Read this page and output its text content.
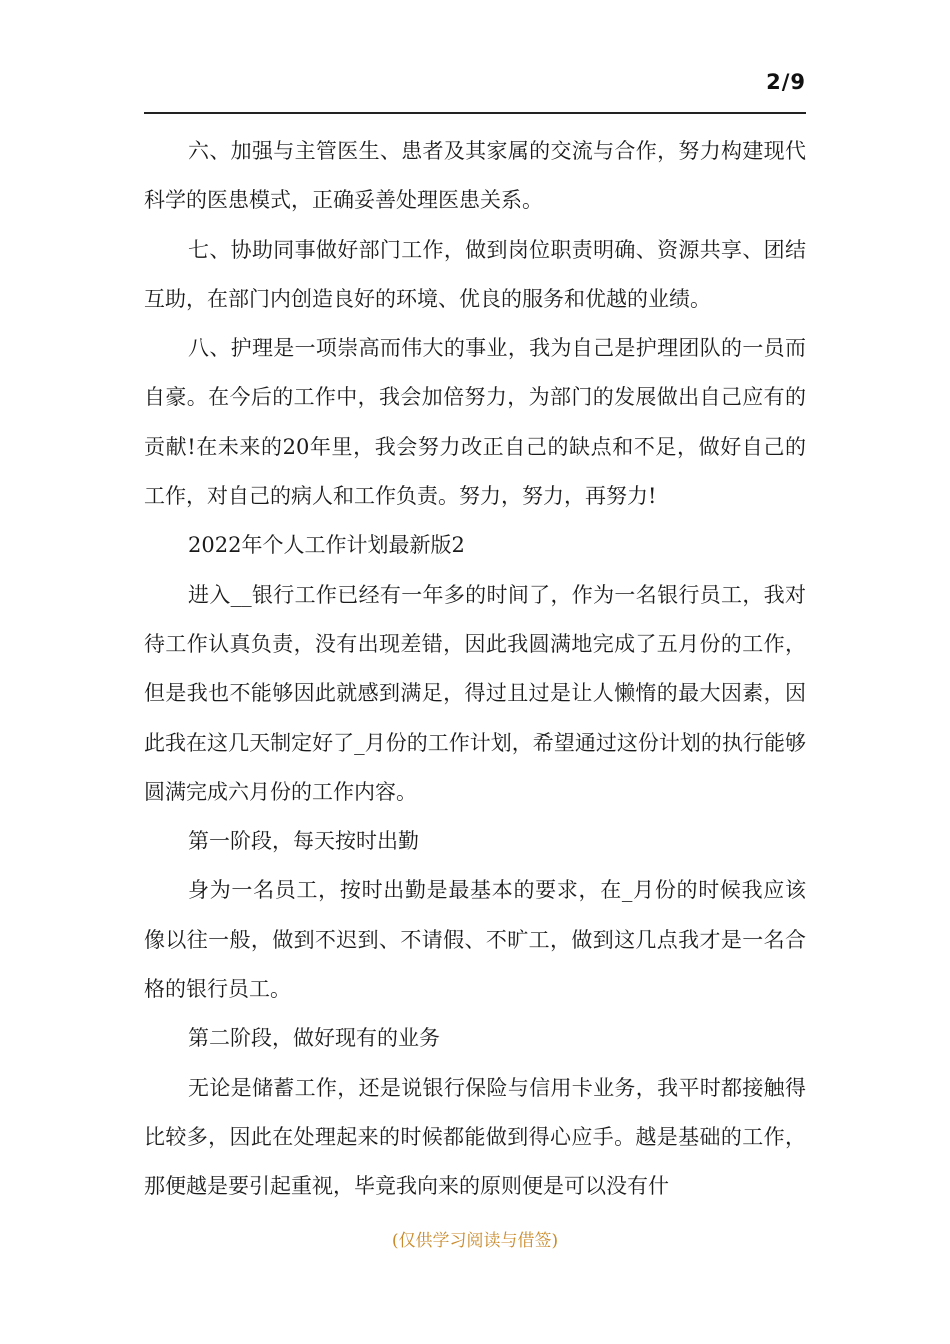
2/9

六、加强与主管医生、患者及其家属的交流与合作，努力构建现代科学的医患模式，正确妥善处理医患关系。

七、协助同事做好部门工作，做到岗位职责明确、资源共享、团结互助，在部门内创造良好的环境、优良的服务和优越的业绩。

八、护理是一项崇高而伟大的事业，我为自己是护理团队的一员而自豪。在今后的工作中，我会加倍努力，为部门的发展做出自己应有的贡献!在未来的20年里，我会努力改正自己的缺点和不足，做好自己的工作，对自己的病人和工作负责。努力，努力，再努力!

2022年个人工作计划最新版2

进入__银行工作已经有一年多的时间了，作为一名银行员工，我对待工作认真负责，没有出现差错，因此我圆满地完成了五月份的工作，但是我也不能够因此就感到满足，得过且过是让人懒惰的最大因素，因此我在这几天制定好了_月份的工作计划，希望通过这份计划的执行能够圆满完成六月份的工作内容。

第一阶段，每天按时出勤

身为一名员工，按时出勤是最基本的要求，在_月份的时候我应该像以往一般，做到不迟到、不请假、不旷工，做到这几点我才是一名合格的银行员工。

第二阶段，做好现有的业务

无论是储蓄工作，还是说银行保险与信用卡业务，我平时都接触得比较多，因此在处理起来的时候都能做到得心应手。越是基础的工作，那便越是要引起重视，毕竟我向来的原则便是可以没有什

(仅供学习阅读与借签)
